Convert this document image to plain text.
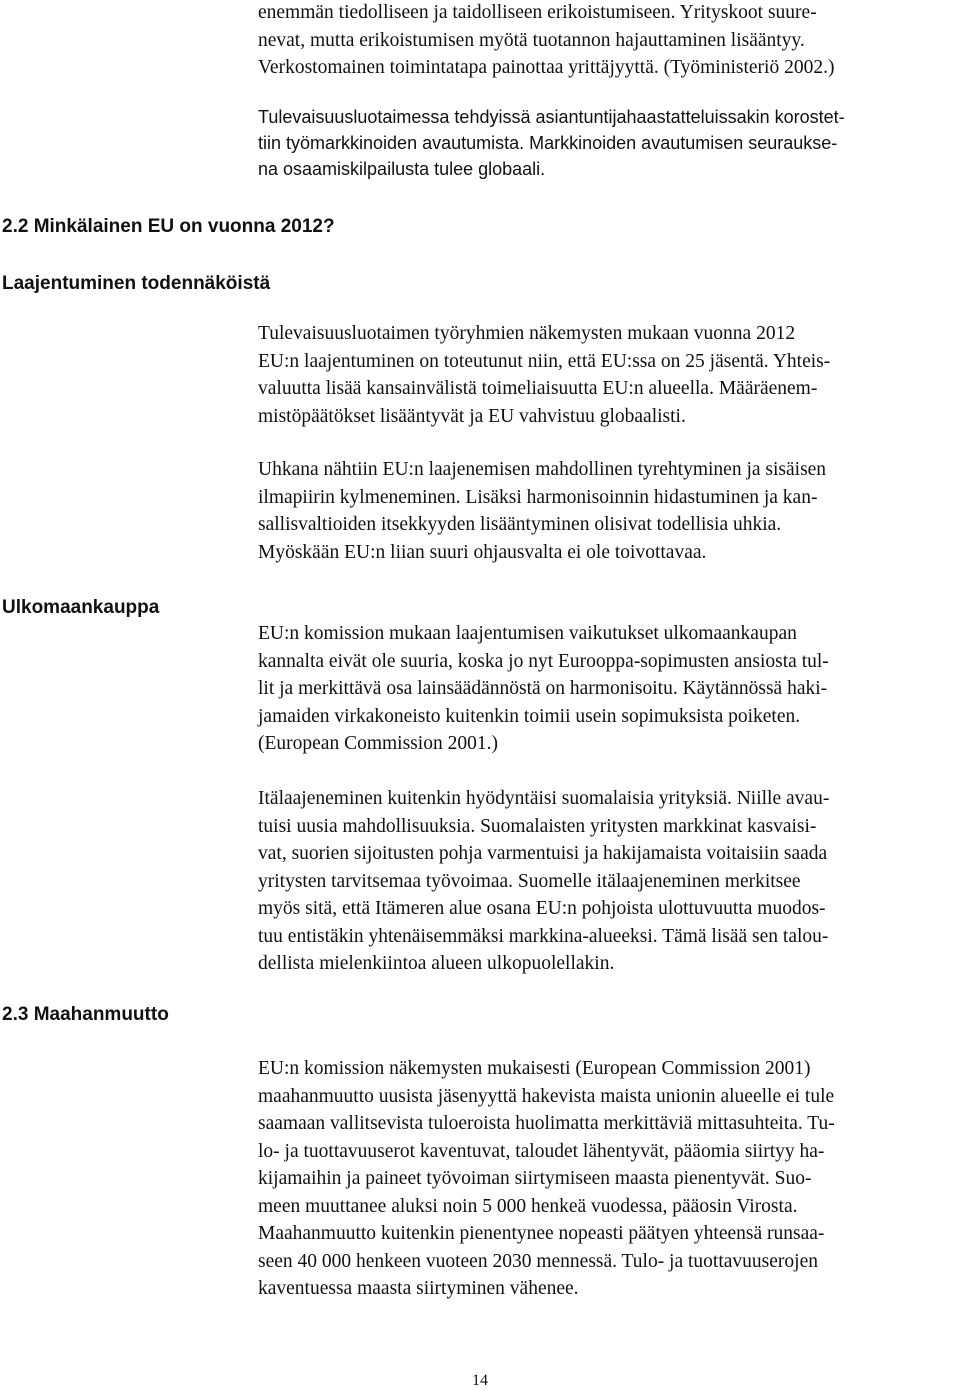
enemmän tiedolliseen ja taidolliseen erikoistumiseen. Yrityskoot suure-
nevat, mutta erikoistumisen myötä tuotannon hajauttaminen lisääntyy.
Verkostomainen toimintatapa painottaa yrittäjyyttä. (Työministeriö 2002.)

Tulevaisuusluotaimessa tehdyissä asiantuntijahaastatteluissakin korostet-
tiin työmarkkinoiden avautumista. Markkinoiden avautumisen seurauksе-
na osaamiskilpailusta tulee globaali.

2.2 Minkälainen EU on vuonna 2012?
Laajentuminen todennäköistä

Tulevaisuusluotaimen työryhmien näkemysten mukaan vuonna 2012
EU:n laajentuminen on toteutunut niin, että EU:ssa on 25 jäsentä. Yhteis-
valuutta lisää kansainvälistä toimeliaisuutta EU:n alueella. Määräenem-
mistöpäätökset lisääntyvät ja EU vahvistuu globaalisti.

Uhkana nähtiin EU:n laajenemisen mahdollinen tyrehtyminen ja sisäisen
ilmapiirin kylmeneminen. Lisäksi harmonisoinnin hidastuminen ja kan-
sallisvaltioiden itsekkyyden lisääntyminen olisivat todellisia uhkia.
Myöskään EU:n liian suuri ohjausvalta ei ole toivottavaa.

Ulkomaankauppa

EU:n komission mukaan laajentumisen vaikutukset ulkomaankaupan
kannalta eivät ole suuria, koska jo nyt Eurooppa-sopimusten ansiosta tul-
lit ja merkittävä osa lainsäädännöstä on harmonisoitu. Käytännössä haki-
jamaiden virkakoneisto kuitenkin toimii usein sopimuksista poiketen.
(European Commission 2001.)

Itälaajeneminen kuitenkin hyödyntäisi suomalaisia yrityksiä. Niille avau-
tuisi uusia mahdollisuuksia. Suomalaisten yritysten markkinat kasvaisi-
vat, suorien sijoitusten pohja varmentuisi ja hakijamaista voitaisiin saada
yritysten tarvitsemaa työvoimaa. Suomelle itälaajeneminen merkitsee
myös sitä, että Itämeren alue osana EU:n pohjoista ulottuvuutta muodos-
tuu entistäkin yhtenäisemmäksi markkina-alueeksi. Tämä lisää sen talou-
dellista mielenkiintoa alueen ulkopuolellakin.

2.3 Maahanmuutto

EU:n komission näkemysten mukaisesti (European Commission 2001)
maahanmuutto uusista jäsenyyttä hakevista maista unionin alueelle ei tule
saamaan vallitsevista tuloeroista huolimatta merkittäviä mittasuhteita. Tu-
lo- ja tuottavuuserot kaventuvat, taloudet lähentyvät, pääomia siirtyy ha-
kijamaihin ja paineet työvoiman siirtymiseen maasta pienentyvät. Suo-
meen muuttanee aluksi noin 5 000 henkeä vuodessa, pääosin Virosta.
Maahanmuutto kuitenkin pienentynee nopeasti päätyen yhteensä runsaa-
seen 40 000 henkeen vuoteen 2030 mennessä. Tulo- ja tuottavuuserojen
kaventuessa maasta siirtyminen vähenee.

14
